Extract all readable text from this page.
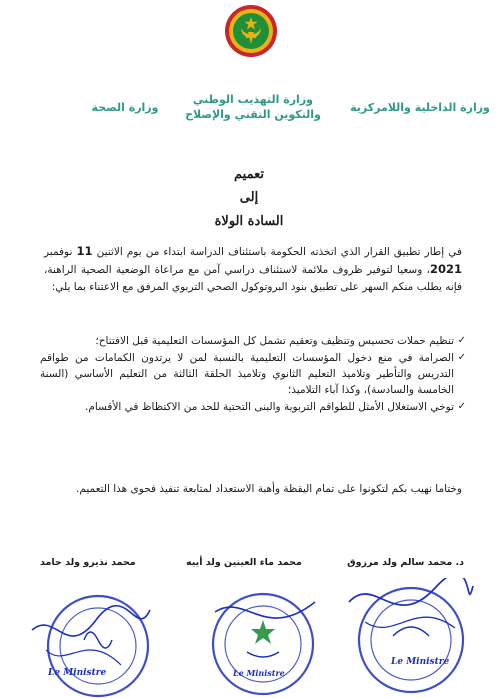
وزارة الداخلية واللامركزية
وزارة التهذيب الوطني
والتكوين التقني والإصلاح
وزارة الصحة
تعميم
إلى
السادة الولاة
في إطار تطبيق القرار الذي اتخذته الحكومة باستئناف الدراسة ابتداء من يوم الاثنين 11 نوفمبر 2021، وسعيا لتوفير ظروف ملائمة لاستئناف دراسي آمن مع مراعاة الوضعية الصحية الراهنة، فإنه يطلب منكم السهر على تطبيق بنود البروتوكول الصحي التربوي المرفق مع الاعتناء بما يلي:
✓ تنظيم حملات تحسيس وتنظيف وتعقيم تشمل كل المؤسسات التعليمية قبل الافتتاح؛
✓ الصرامة في منع دخول المؤسسات التعليمية بالنسبة لمن لا يرتدون الكمامات من طواقم التدريس والتأطير وتلاميذ التعليم الثانوي وتلاميذ الحلقة الثالثة من التعليم الأساسي (السنة الخامسة والسادسة)، وكذا آباء التلاميذ؛
✓ توخي الاستغلال الأمثل للطواقم التربوية والبنى التحتية للحد من الاكتظاظ في الأقسام.
وختاما نهيب بكم لتكونوا على تمام اليقظة وأهبة الاستعداد لمتابعة تنفيذ فحوى هذا التعميم.
د. محمد سالم ولد مرزوق
محمد ماء العينين ولد أييه
محمد نذيرو ولد حامد
Le Ministre	Le Ministre
Le Ministre
